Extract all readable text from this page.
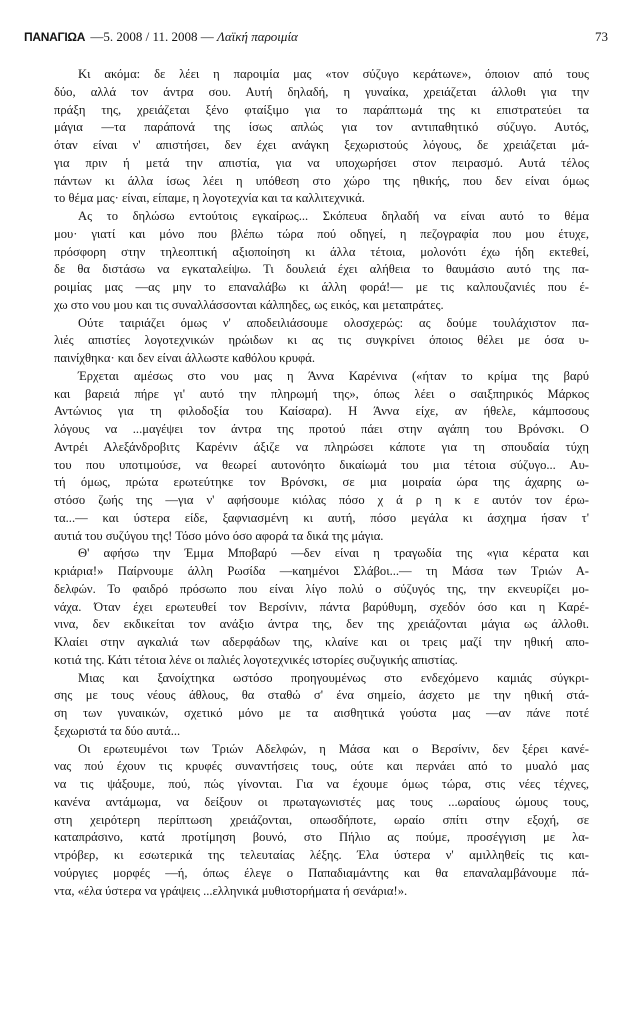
ΠΑΝΑΓΙΩΑ —5. 2008 / 11. 2008 — Λαϊκή παροιμία	73

Κι ακόμα: δε λέει η παροιμία μας «τον σύζυγο κεράτωνε», όποιον από τους
δύο, αλλά τον άντρα σου. Αυτή δηλαδή, η γυναίκα, χρειάζεται άλλοθι για την
πράξη της, χρειάζεται ξένο φταίξιμο για το παράπτωμά της κι επιστρατεύει τα
μάγια —τα παράπονά της ίσως απλώς για τον αντιπαθητικό σύζυγο. Αυτός,
όταν είναι ν' απιστήσει, δεν έχει ανάγκη ξεχωριστούς λόγους, δε χρειάζεται μά-
για πριν ή μετά την απιστία, για να υποχωρήσει στον πειρασμό. Αυτά τέλος
πάντων κι άλλα ίσως λέει η υπόθεση στο χώρο της ηθικής, που δεν είναι όμως
το θέμα μας· είναι, είπαμε, η λογοτεχνία και τα καλλιτεχνικά.

Ας το δηλώσω εντούτοις εγκαίρως... Σκόπευα δηλαδή να είναι αυτό το θέμα
μου· γιατί και μόνο που βλέπω τώρα πού οδηγεί, η πεζογραφία που μου έτυχε,
πρόσφορη στην τηλεοπτική αξιοποίηση κι άλλα τέτοια, μολονότι έχω ήδη εκτεθεί,
δε θα διστάσω να εγκαταλείψω. Τι δουλειά έχει αλήθεια το θαυμάσιο αυτό της πα-
ροιμίας μας —ας μην το επαναλάβω κι άλλη φορά!— με τις καλπουζανιές που έ-
χω στο νου μου και τις συναλλάσσονται κάλπηδες, ως εικός, και μεταπράτες.

Ούτε ταιριάζει όμως ν' αποδειλιάσουμε ολοσχερώς: ας δούμε τουλάχιστον πα-
λιές απιστίες λογοτεχνικών ηρώιδων κι ας τις συγκρίνει όποιος θέλει με όσα υ-
παινίχθηκα· και δεν είναι άλλωστε καθόλου κρυφά.

Έρχεται αμέσως στο νου μας η Άννα Καρένινα («ήταν το κρίμα της βαρύ
και βαρειά πήρε γι' αυτό την πληρωμή της», όπως λέει ο σαιξπηρικός Μάρκος
Αντώνιος για τη φιλοδοξία του Καίσαρα). Η Άννα είχε, αν ήθελε, κάμποσους
λόγους να ...μαγέψει τον άντρα της προτού πάει στην αγάπη του Βρόνσκι. Ο
Αντρέι Αλεξάνδροβιτς Καρένιν άξιζε να πληρώσει κάποτε για τη σπουδαία τύχη
του που υποτιμούσε, να θεωρεί αυτονόητο δικαίωμά του μια τέτοια σύζυγο... Αυ-
τή όμως, πρώτα ερωτεύτηκε τον Βρόνσκι, σε μια μοιραία ώρα της άχαρης ω-
στόσο ζωής της —για ν' αφήσουμε κιόλας πόσο χ ά ρ η κ ε αυτόν τον έρω-
τα...— και ύστερα είδε, ξαφνιασμένη κι αυτή, πόσο μεγάλα κι άσχημα ήσαν τ'
αυτιά του συζύγου της! Τόσο μόνο όσο αφορά τα δικά της μάγια.

Θ' αφήσω την Έμμα Μποβαρύ —δεν είναι η τραγωδία της «για κέρατα και
κριάρια!» Παίρνουμε άλλη Ρωσίδα —καημένοι Σλάβοι...— τη Μάσα των Τριών Α-
δελφών. Το φαιδρό πρόσωπο που είναι λίγο πολύ ο σύζυγός της, την εκνευρίζει μο-
νάχα. Όταν έχει ερωτευθεί τον Βερσίνιν, πάντα βαρύθυμη, σχεδόν όσο και η Καρέ-
νινα, δεν εκδικείται τον ανάξιο άντρα της, δεν της χρειάζονται μάγια ως άλλοθι.
Κλαίει στην αγκαλιά των αδερφάδων της, κλαίνε και οι τρεις μαζί την ηθική απο-
κοτιά της. Κάτι τέτοια λένε οι παλιές λογοτεχνικές ιστορίες συζυγικής απιστίας.

Μιας και ξανοίχτηκα ωστόσο προηγουμένως στο ενδεχόμενο καμιάς σύγκρι-
σης με τους νέους άθλους, θα σταθώ σ' ένα σημείο, άσχετο με την ηθική στά-
ση των γυναικών, σχετικό μόνο με τα αισθητικά γούστα μας —αν πάνε ποτέ
ξεχωριστά τα δύο αυτά...

Οι ερωτευμένοι των Τριών Αδελφών, η Μάσα και ο Βερσίνιν, δεν ξέρει κανέ-
νας πού έχουν τις κρυφές συναντήσεις τους, ούτε και περνάει από το μυαλό μας
να τις ψάξουμε, πού, πώς γίνονται. Για να έχουμε όμως τώρα, στις νέες τέχνες,
κανένα αντάμωμα, να δείξουν οι πρωταγωνιστές μας τους ...ωραίους ώμους τους,
στη χειρότερη περίπτωση χρειάζονται, οπωσδήποτε, ωραίο σπίτι στην εξοχή, σε
καταπράσινο, κατά προτίμηση βουνό, στο Πήλιο ας πούμε, προσέγγιση με λα-
ντρόβερ, κι εσωτερικά της τελευταίας λέξης. Έλα ύστερα ν' αμιλληθείς τις και-
νούργιες μορφές —ή, όπως έλεγε ο Παπαδιαμάντης και θα επαναλαμβάνουμε πά-
ντα, «έλα ύστερα να γράψεις ...ελληνικά μυθιστορήματα ή σενάρια!».
